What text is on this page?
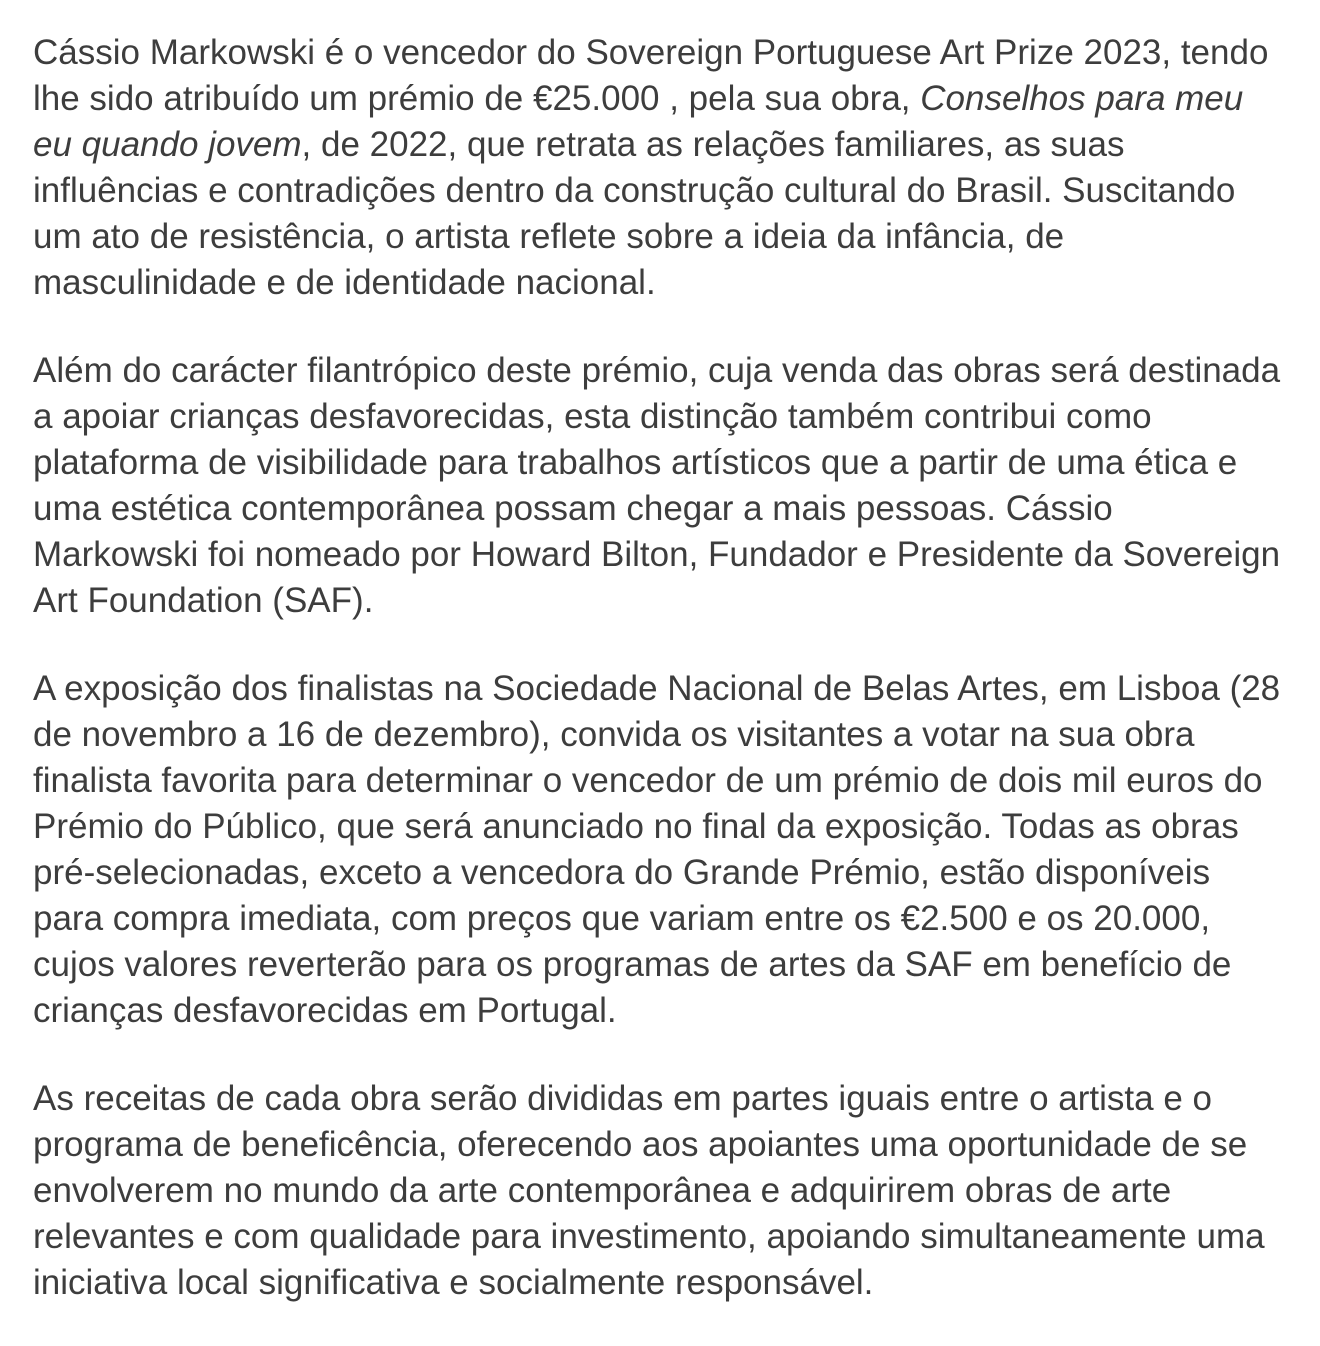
Cássio Markowski é o vencedor do Sovereign Portuguese Art Prize 2023, tendo lhe sido atribuído um prémio de €25.000 , pela sua obra, Conselhos para meu eu quando jovem, de 2022, que retrata as relações familiares, as suas influências e contradições dentro da construção cultural do Brasil. Suscitando um ato de resistência, o artista reflete sobre a ideia da infância, de masculinidade e de identidade nacional.

Além do carácter filantrópico deste prémio, cuja venda das obras será destinada a apoiar crianças desfavorecidas, esta distinção também contribui como plataforma de visibilidade para trabalhos artísticos que a partir de uma ética e uma estética contemporânea possam chegar a mais pessoas. Cássio Markowski foi nomeado por Howard Bilton, Fundador e Presidente da Sovereign Art Foundation (SAF).

A exposição dos finalistas na Sociedade Nacional de Belas Artes, em Lisboa (28 de novembro a 16 de dezembro), convida os visitantes a votar na sua obra finalista favorita para determinar o vencedor de um prémio de dois mil euros do Prémio do Público, que será anunciado no final da exposição. Todas as obras pré-selecionadas, exceto a vencedora do Grande Prémio, estão disponíveis para compra imediata, com preços que variam entre os €2.500 e os 20.000, cujos valores reverterão para os programas de artes da SAF em benefício de crianças desfavorecidas em Portugal.

As receitas de cada obra serão divididas em partes iguais entre o artista e o programa de beneficência, oferecendo aos apoiantes uma oportunidade de se envolverem no mundo da arte contemporânea e adquirirem obras de arte relevantes e com qualidade para investimento, apoiando simultaneamente uma iniciativa local significativa e socialmente responsável.
